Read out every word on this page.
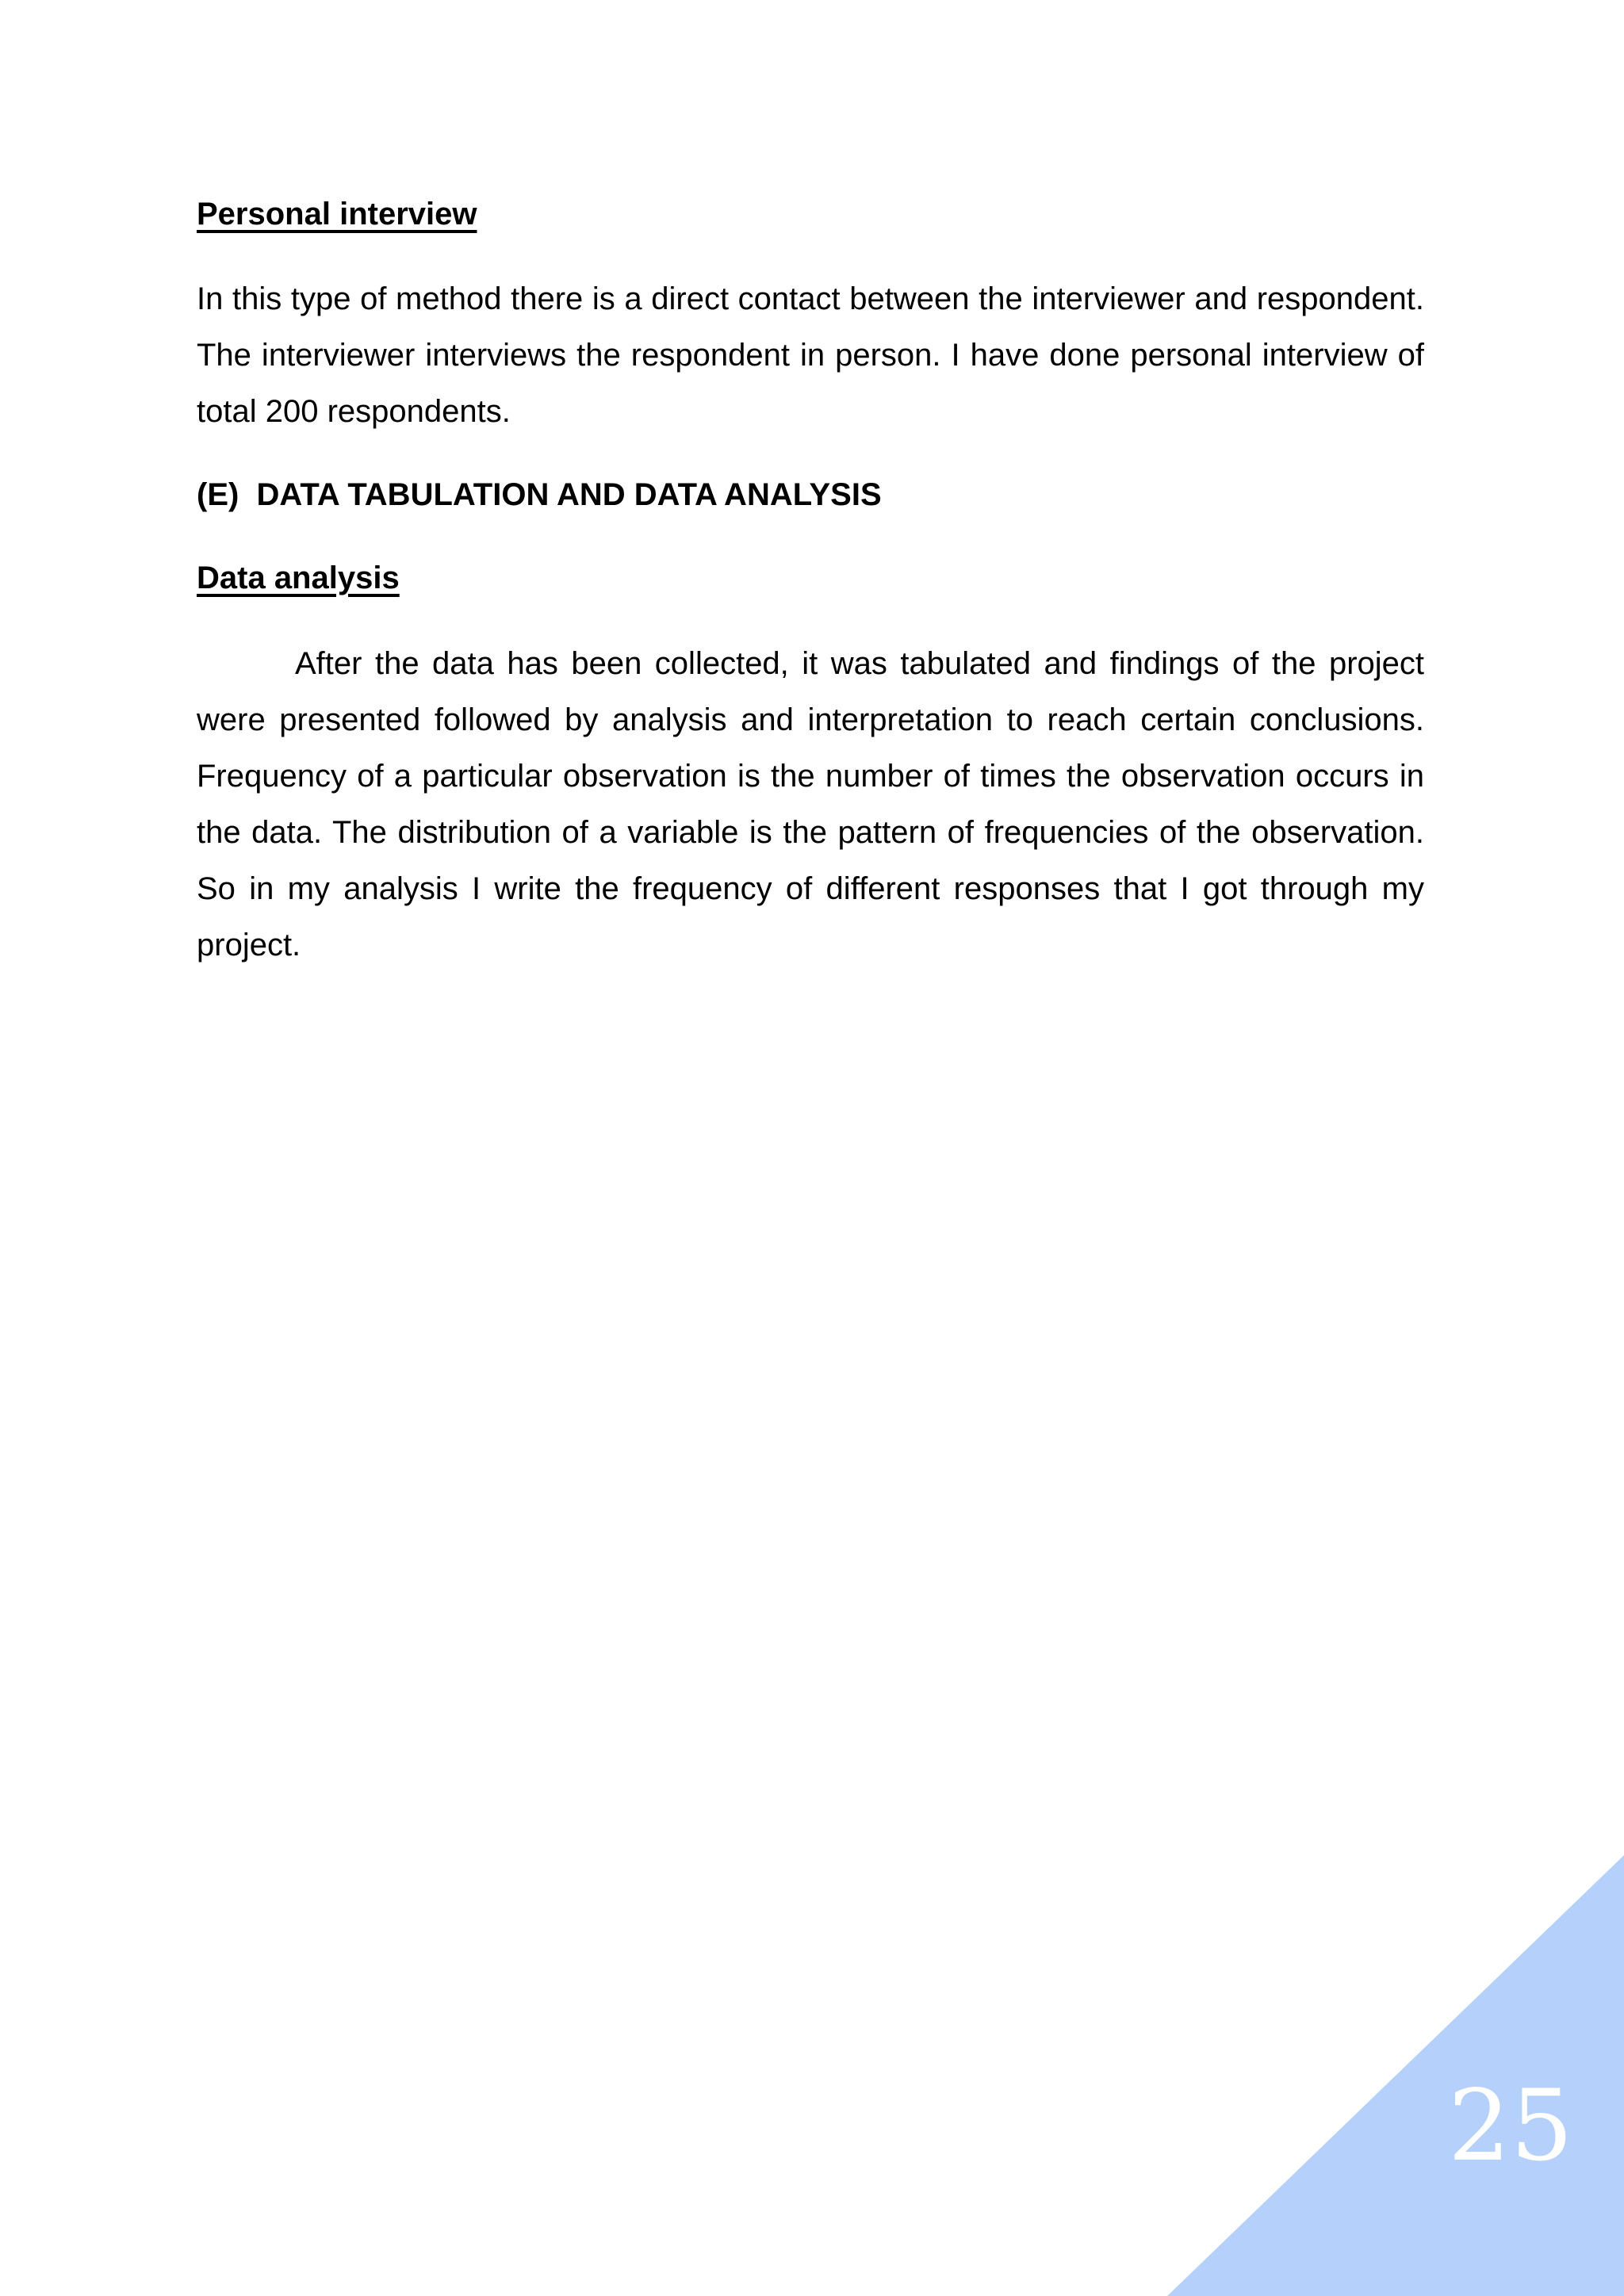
Personal interview

In this type of method there is a direct contact between the interviewer and respondent. The interviewer interviews the respondent in person. I have done personal interview of total 200 respondents.

(E)  DATA TABULATION AND DATA ANALYSIS
Data analysis

After the data has been collected, it was tabulated and findings of the project were presented followed by analysis and interpretation to reach certain conclusions. Frequency of a particular observation is the number of times the observation occurs in the data. The distribution of a variable is the pattern of frequencies of the observation. So in my analysis I write the frequency of different responses that I got through my project.

25
